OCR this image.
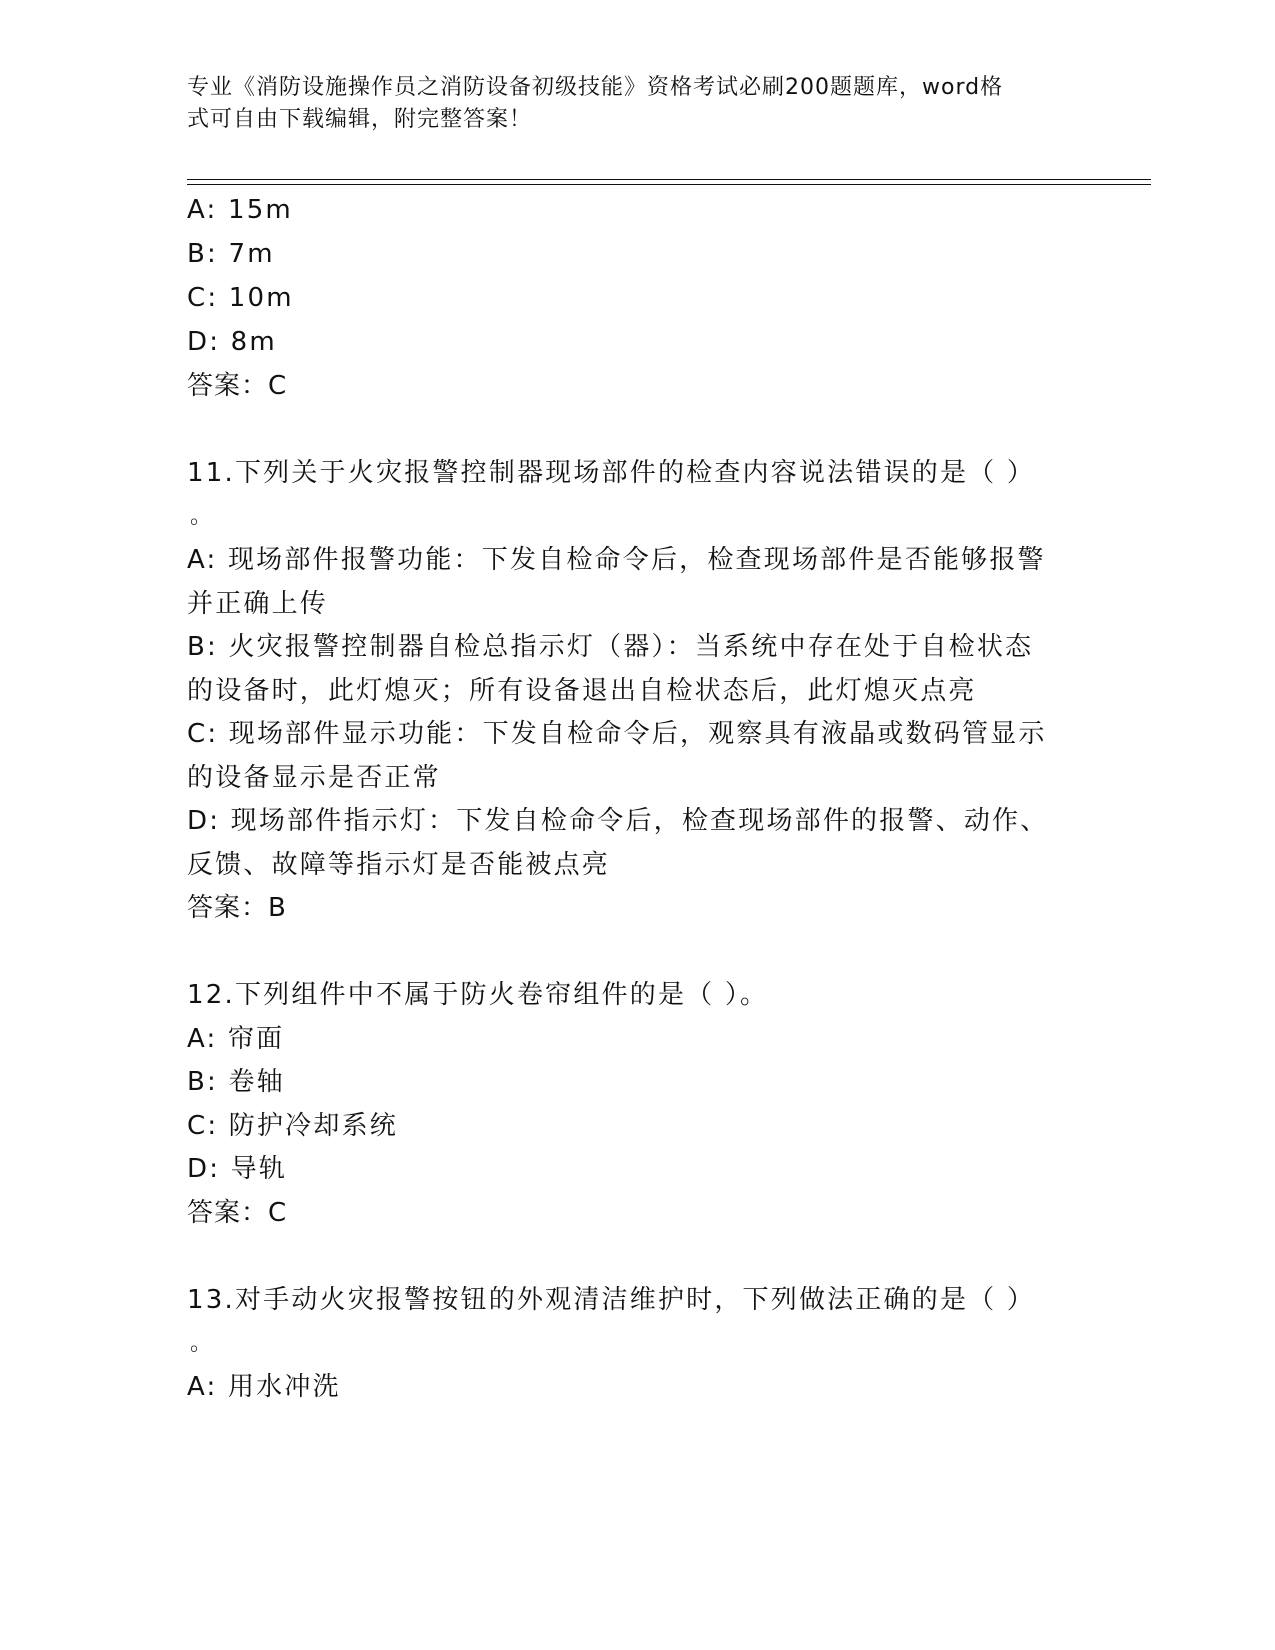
专业《消防设施操作员之消防设备初级技能》资格考试必刷200题题库，word格
式可自由下载编辑，附完整答案！
A: 15m
B: 7m
C: 10m
D: 8m
答案：C
11.下列关于火灾报警控制器现场部件的检查内容说法错误的是（ ）
。
A: 现场部件报警功能：下发自检命令后，检查现场部件是否能够报警
并正确上传
B: 火灾报警控制器自检总指示灯（器）：当系统中存在处于自检状态
的设备时，此灯熄灭；所有设备退出自检状态后，此灯熄灭点亮
C: 现场部件显示功能：下发自检命令后，观察具有液晶或数码管显示
的设备显示是否正常
D: 现场部件指示灯：下发自检命令后，检查现场部件的报警、动作、
反馈、故障等指示灯是否能被点亮
答案：B
12.下列组件中不属于防火卷帘组件的是（ ）。
A: 帘面
B: 卷轴
C: 防护冷却系统
D: 导轨
答案：C
13.对手动火灾报警按钮的外观清洁维护时，下列做法正确的是（ ）
。
A: 用水冲洗
